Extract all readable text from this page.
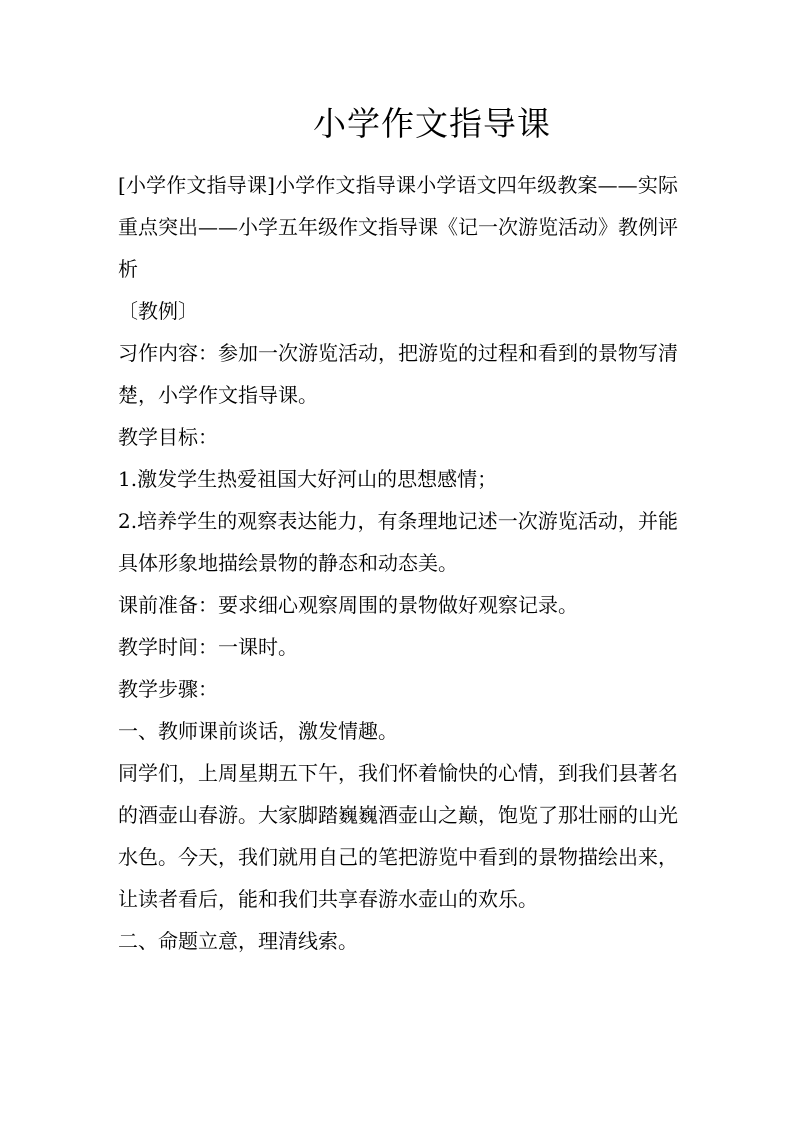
小学作文指导课

[小学作文指导课]小学作文指导课小学语文四年级教案——实际重点突出——小学五年级作文指导课《记一次游览活动》教例评析

〔教例〕

习作内容：参加一次游览活动，把游览的过程和看到的景物写清楚，小学作文指导课。

教学目标：

1.激发学生热爱祖国大好河山的思想感情；

2.培养学生的观察表达能力，有条理地记述一次游览活动，并能具体形象地描绘景物的静态和动态美。

课前准备：要求细心观察周围的景物做好观察记录。

教学时间：一课时。

教学步骤：

一、教师课前谈话，激发情趣。

同学们，上周星期五下午，我们怀着愉快的心情，到我们县著名的酒壶山春游。大家脚踏巍巍酒壶山之巅，饱览了那壮丽的山光水色。今天，我们就用自己的笔把游览中看到的景物描绘出来，让读者看后，能和我们共享春游水壶山的欢乐。

二、命题立意，理清线索。
